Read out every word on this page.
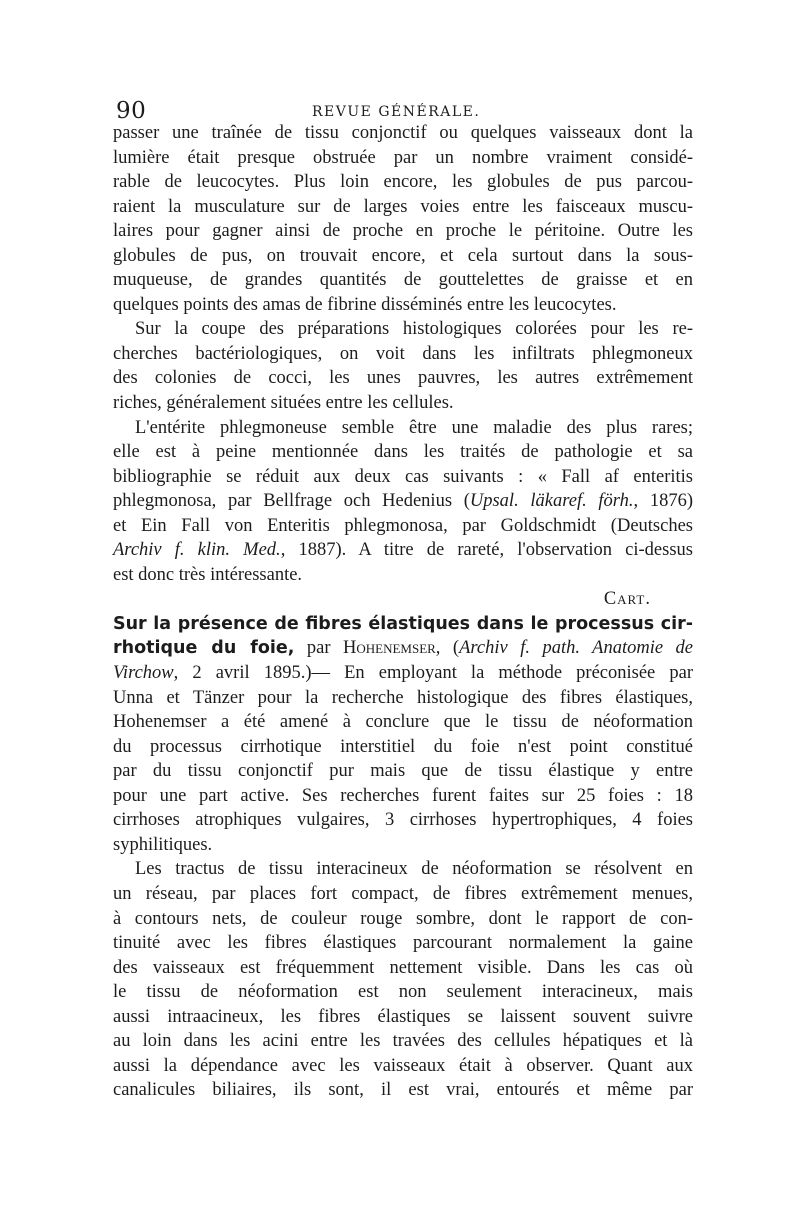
90	REVUE GÉNÉRALE.
passer une traînée de tissu conjonctif ou quelques vaisseaux dont la
lumière était presque obstruée par un nombre vraiment considé-
rable de leucocytes. Plus loin encore, les globules de pus parcou-
raient la musculature sur de larges voies entre les faisceaux muscu-
laires pour gagner ainsi de proche en proche le péritoine. Outre les
globules de pus, on trouvait encore, et cela surtout dans la sous-
muqueuse, de grandes quantités de gouttelettes de graisse et en
quelques points des amas de fibrine disséminés entre les leucocytes.
Sur la coupe des préparations histologiques colorées pour les re-
cherches bactériologiques, on voit dans les infiltrats phlegmoneux
des colonies de cocci, les unes pauvres, les autres extrêmement
riches, généralement situées entre les cellules.
L'entérite phlegmoneuse semble être une maladie des plus rares;
elle est à peine mentionnée dans les traités de pathologie et sa
bibliographie se réduit aux deux cas suivants : « Fall af enteritis
phlegmonosa, par Bellfrage och Hedenius (Upsal. läkaref. förh., 1876)
et Ein Fall von Enteritis phlegmonosa, par Goldschmidt (Deutsches
Archiv f. klin. Med., 1887). A titre de rareté, l'observation ci-dessus
est donc très intéressante.
Cart.
Sur la présence de fibres élastiques dans le processus cir-
rhotique du foie, par Hohenemser, (Archiv f. path. Anatomie de
Virchow, 2 avril 1895.)— En employant la méthode préconisée par
Unna et Tänzer pour la recherche histologique des fibres élastiques,
Hohenemser a été amené à conclure que le tissu de néoformation
du processus cirrhotique interstitiel du foie n'est point constitué
par du tissu conjonctif pur mais que de tissu élastique y entre
pour une part active. Ses recherches furent faites sur 25 foies : 18
cirrhoses atrophiques vulgaires, 3 cirrhoses hypertrophiques, 4 foies
syphilitiques.
Les tractus de tissu interacineux de néoformation se résolvent en
un réseau, par places fort compact, de fibres extrêmement menues,
à contours nets, de couleur rouge sombre, dont le rapport de con-
tinuité avec les fibres élastiques parcourant normalement la gaine
des vaisseaux est fréquemment nettement visible. Dans les cas où
le tissu de néoformation est non seulement interacineux, mais
aussi intraacineux, les fibres élastiques se laissent souvent suivre
au loin dans les acini entre les travées des cellules hépatiques et là
aussi la dépendance avec les vaisseaux était à observer. Quant aux
canalicules biliaires, ils sont, il est vrai, entourés et même par
